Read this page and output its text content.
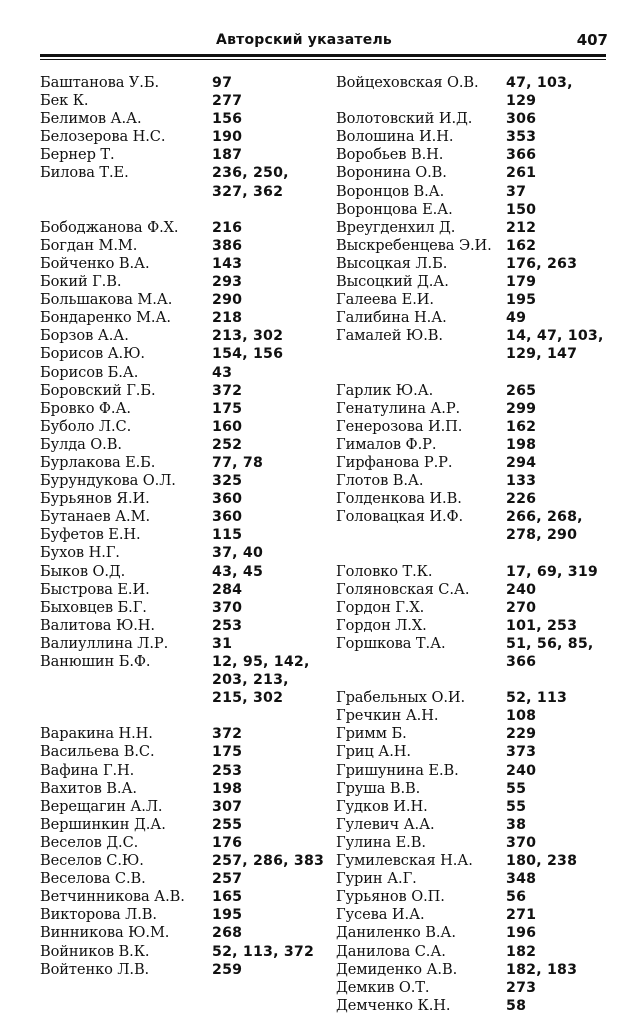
Авторский указатель	407
Баштанова У.Б.	97
Бек К.	277
Белимов А.А.	156
Белозерова Н.С.	190
Бернер Т.	187
Билова Т.Е.	236, 250,
327, 362
Бободжанова Ф.Х.	216
Богдан М.М.	386
Бойченко В.А.	143
Бокий Г.В.	293
Большакова М.А.	290
Бондаренко М.А.	218
Борзов А.А.	213, 302
Борисов А.Ю.	154, 156
Борисов Б.А.	43
Боровский Г.Б.	372
Бровко Ф.А.	175
Буболо Л.С.	160
Булда О.В.	252
Бурлакова Е.Б.	77, 78
Бурундукова О.Л.	325
Бурьянов Я.И.	360
Бутанаев А.М.	360
Буфетов Е.Н.	115
Бухов Н.Г.	37, 40
Быков О.Д.	43, 45
Быстрова Е.И.	284
Быховцев Б.Г.	370
Валитова Ю.Н.	253
Валиуллина Л.Р.	31
Ванюшин Б.Ф.	12, 95, 142,
203, 213,
215, 302
Варакина Н.Н.	372
Васильева В.С.	175
Вафина Г.Н.	253
Вахитов В.А.	198
Верещагин А.Л.	307
Вершинкин Д.А.	255
Веселов Д.С.	176
Веселов С.Ю.	257, 286, 383
Веселова С.В.	257
Ветчинникова А.В.	165
Викторова Л.В.	195
Винникова Ю.М.	268
Войников В.К.	52, 113, 372
Войтенко Л.В.	259
Войцеховская О.В.	47, 103, 129
Волотовский И.Д.	306
Волошина И.Н.	353
Воробьев В.Н.	366
Воронина О.В.	261
Воронцов В.А.	37
Воронцова Е.А.	150
Вреугденхил Д.	212
Выскребенцева Э.И.	162
Высоцкая Л.Б.	176, 263
Высоцкий Д.А.	179
Галеева Е.И.	195
Галибина Н.А.	49
Гамалей Ю.В.	14, 47, 103,
129, 147
Гарлик Ю.А.	265
Генатулина А.Р.	299
Генерозова И.П.	162
Гималов Ф.Р.	198
Гирфанова Р.Р.	294
Глотов В.А.	133
Голденкова И.В.	226
Головацкая И.Ф.	266, 268,
278, 290
Головко Т.К.	17, 69, 319
Голяновская С.А.	240
Гордон Г.Х.	270
Гордон Л.Х.	101, 253
Горшкова Т.А.	51, 56, 85,
366
Грабельных О.И.	52, 113
Гречкин А.Н.	108
Гримм Б.	229
Гриц А.Н.	373
Гришунина Е.В.	240
Груша В.В.	55
Гудков И.Н.	55
Гулевич А.А.	38
Гулина Е.В.	370
Гумилевская Н.А.	180, 238
Гурин А.Г.	348
Гурьянов О.П.	56
Гусева И.А.	271
Даниленко В.А.	196
Данилова С.А.	182
Демиденко А.В.	182, 183
Демкив О.Т.	273
Демченко К.Н.	58
